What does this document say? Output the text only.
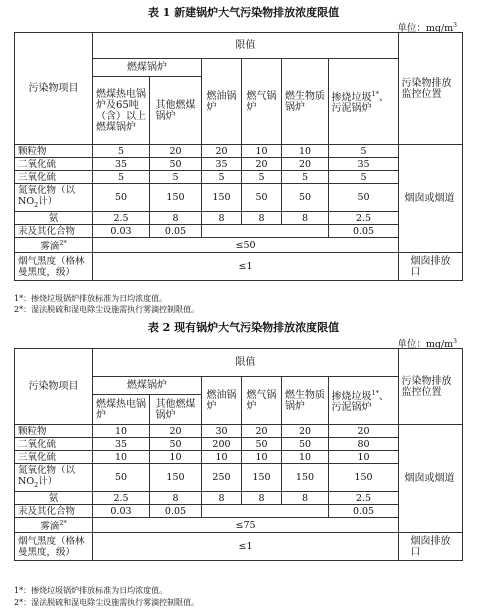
表 1 新建锅炉大气污染物排放浓度限值
单位：$mg/m^3$
污染物项目	限值						污染物排放监控位置
	燃煤锅炉		燃油锅炉	燃气锅炉	燃生物质锅炉	掺烧垃圾$^{1*}$、污泥锅炉	
	燃煤热电锅炉及65吨（含）以上燃煤锅炉	其他燃煤锅炉					
颗粒物	5	20	20	10	10	5	烟囱或烟道
二氧化硫	35	50	35	20	20	35	
三氧化硫	5	5	5	5	5	5	
氮氧化物（以$NO_2$计）	50	150	150	50	50	50	
氨	2.5	8	8	8	8	2.5	
汞及其化合物	0.03	0.05				0.05	
雾滴$^{2*}$	≤50						

烟气黑度（格林曼黑度，级）	≤1						烟囱排放口
1*：掺烧垃圾锅炉排放标准为日均浓度值。
2*：湿法脱硫和湿电除尘设施需执行雾滴控制限值。
表 2 现有锅炉大气污染物排放浓度限值
单位：$mg/m^3$
污染物项目	限值						污染物排放监控位置
	燃煤锅炉		燃油锅炉	燃气锅炉	燃生物质锅炉	掺烧垃圾$^{1*}$、污泥锅炉	
	燃煤热电锅炉	其他燃煤锅炉					
颗粒物	10	20	30	20	20	20	烟囱或烟道
二氧化硫	35	50	200	50	50	80	
三氧化硫	10	10	10	10	10	10	
氮氧化物（以$NO_2$计）	50	150	250	150	150	150	
氨	2.5	8	8	8	8	2.5	
汞及其化合物	0.03	0.05				0.05	
雾滴$^{2*}$	≤75						

烟气黑度（格林曼黑度，级）	≤1						烟囱排放口
1*：掺烧垃圾锅炉排放标准为日均浓度值。
2*：湿法脱硫和湿电除尘设施需执行雾滴控制限值。
